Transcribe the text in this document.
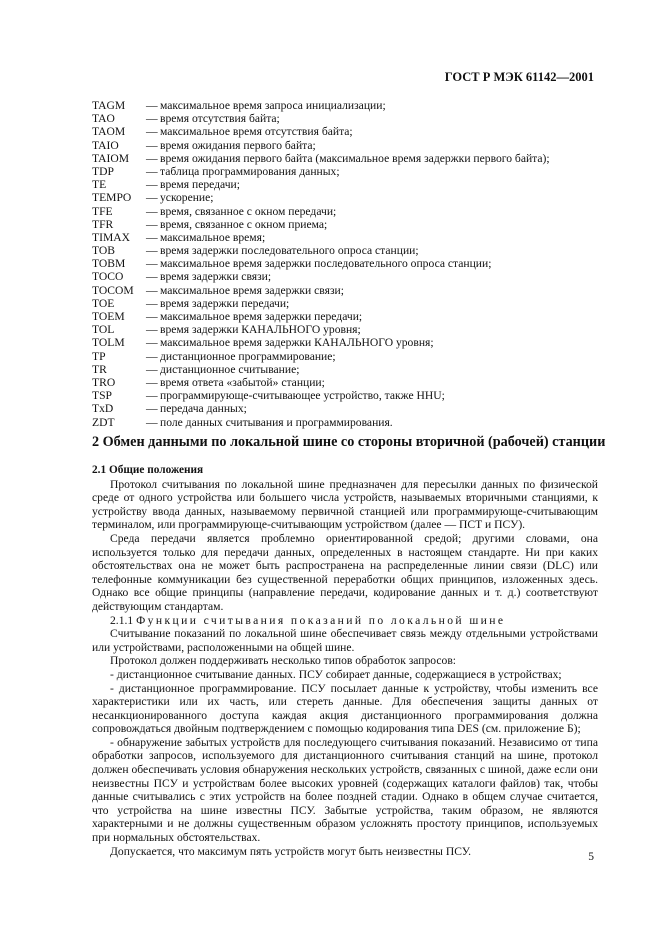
ГОСТ Р МЭК 61142—2001
TAGM	— максимальное время запроса инициализации;
TAO	— время отсутствия байта;
TAOM	— максимальное время отсутствия байта;
TAIO	— время ожидания первого байта;
TAIOM	— время ожидания первого байта (максимальное время задержки первого байта);
TDP	— таблица программирования данных;
TE	— время передачи;
TEMPO	— ускорение;
TFE	— время, связанное с окном передачи;
TFR	— время, связанное с окном приема;
TIMAX	— максимальное время;
TOB	— время задержки последовательного опроса станции;
TOBM	— максимальное время задержки последовательного опроса станции;
TOCO	— время задержки связи;
TOCOM	— максимальное время задержки связи;
TOE	— время задержки передачи;
TOEM	— максимальное время задержки передачи;
TOL	— время задержки КАНАЛЬНОГО уровня;
TOLM	— максимальное время задержки КАНАЛЬНОГО уровня;
TP	— дистанционное программирование;
TR	— дистанционное считывание;
TRO	— время ответа «забытой» станции;
TSP	— программирующе-считывающее устройство, также HHU;
TxD	— передача данных;
ZDT	— поле данных считывания и программирования.
2 Обмен данными по локальной шине со стороны вторичной (рабочей) станции
2.1 Общие положения

Протокол считывания по локальной шине предназначен для пересылки данных по физической среде от одного устройства или большего числа устройств, называемых вторичными станциями, к устройству ввода данных, называемому первичной станцией или программирующе-считывающим терминалом, или программирующе-считывающим устройством (далее — ПСТ и ПСУ).

Среда передачи является проблемно ориентированной средой; другими словами, она используется только для передачи данных, определенных в настоящем стандарте. Ни при каких обстоятельствах она не может быть распространена на распределенные линии связи (DLC) или телефонные коммуникации без существенной переработки общих принципов, изложенных здесь. Однако все общие принципы (направление передачи, кодирование данных и т. д.) соответствуют действующим стандартам.

2.1.1 Функции считывания показаний по локальной шине

Считывание показаний по локальной шине обеспечивает связь между отдельными устройствами или устройствами, расположенными на общей шине.

Протокол должен поддерживать несколько типов обработок запросов:

- дистанционное считывание данных. ПСУ собирает данные, содержащиеся в устройствах;

- дистанционное программирование. ПСУ посылает данные к устройству, чтобы изменить все характеристики или их часть, или стереть данные. Для обеспечения защиты данных от несанкционированного доступа каждая акция дистанционного программирования должна сопровождаться двойным подтверждением с помощью кодирования типа DES (см. приложение Б);

- обнаружение забытых устройств для последующего считывания показаний. Независимо от типа обработки запросов, используемого для дистанционного считывания станций на шине, протокол должен обеспечивать условия обнаружения нескольких устройств, связанных с шиной, даже если они неизвестны ПСУ и устройствам более высоких уровней (содержащих каталоги файлов) так, чтобы данные считывались с этих устройств на более поздней стадии. Однако в общем случае считается, что устройства на шине известны ПСУ. Забытые устройства, таким образом, не являются характерными и не должны существенным образом усложнять простоту принципов, используемых при нормальных обстоятельствах.

Допускается, что максимум пять устройств могут быть неизвестны ПСУ.	5
